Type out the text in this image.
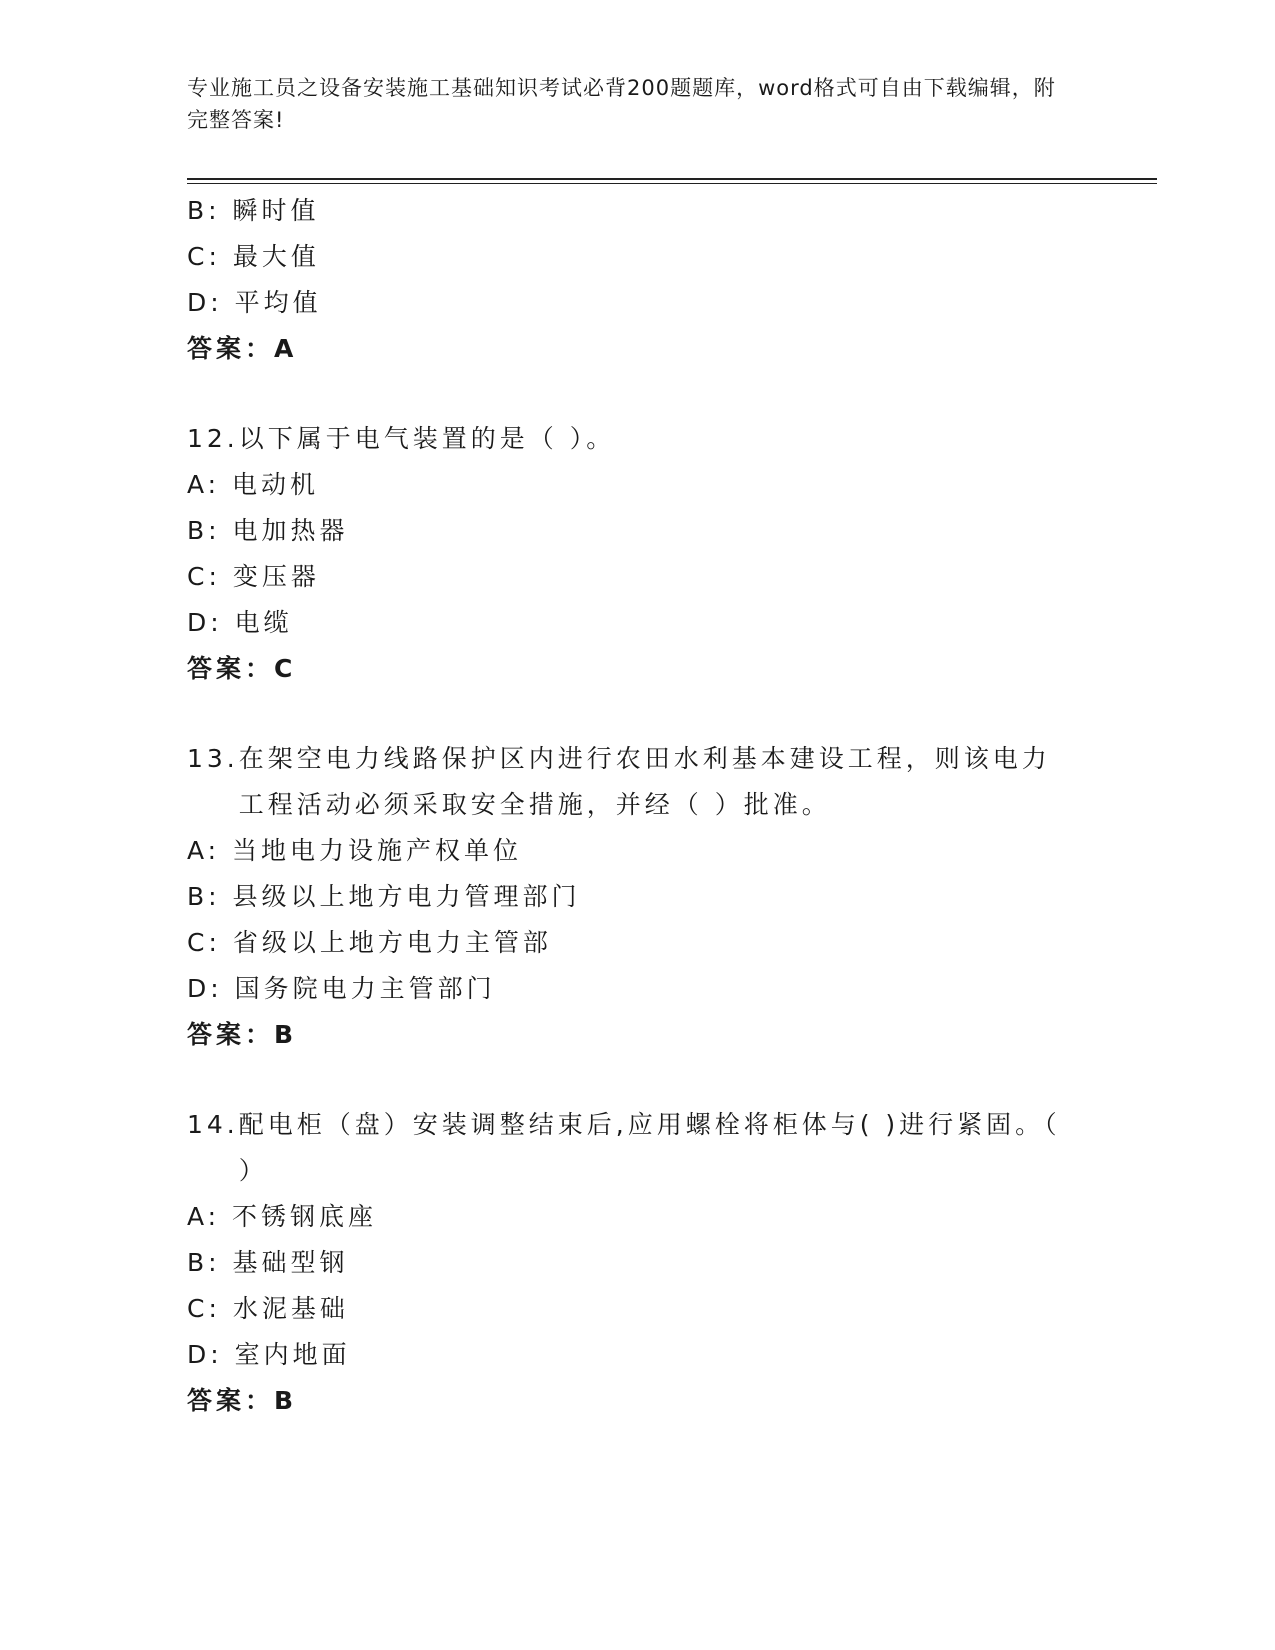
专业施工员之设备安装施工基础知识考试必背200题题库，word格式可自由下载编辑，附完整答案!
B: 瞬时值
C: 最大值
D: 平均值
答案：A
12. 以下属于电气装置的是（ ）。
A: 电动机
B: 电加热器
C: 变压器
D: 电缆
答案：C
13. 在架空电力线路保护区内进行农田水利基本建设工程，则该电力工程活动必须采取安全措施，并经（ ）批准。
A: 当地电力设施产权单位
B: 县级以上地方电力管理部门
C: 省级以上地方电力主管部
D: 国务院电力主管部门
答案：B
14. 配电柜（盘）安装调整结束后,应用螺栓将柜体与( )进行紧固。（ ）
A: 不锈钢底座
B: 基础型钢
C: 水泥基础
D: 室内地面
答案：B
